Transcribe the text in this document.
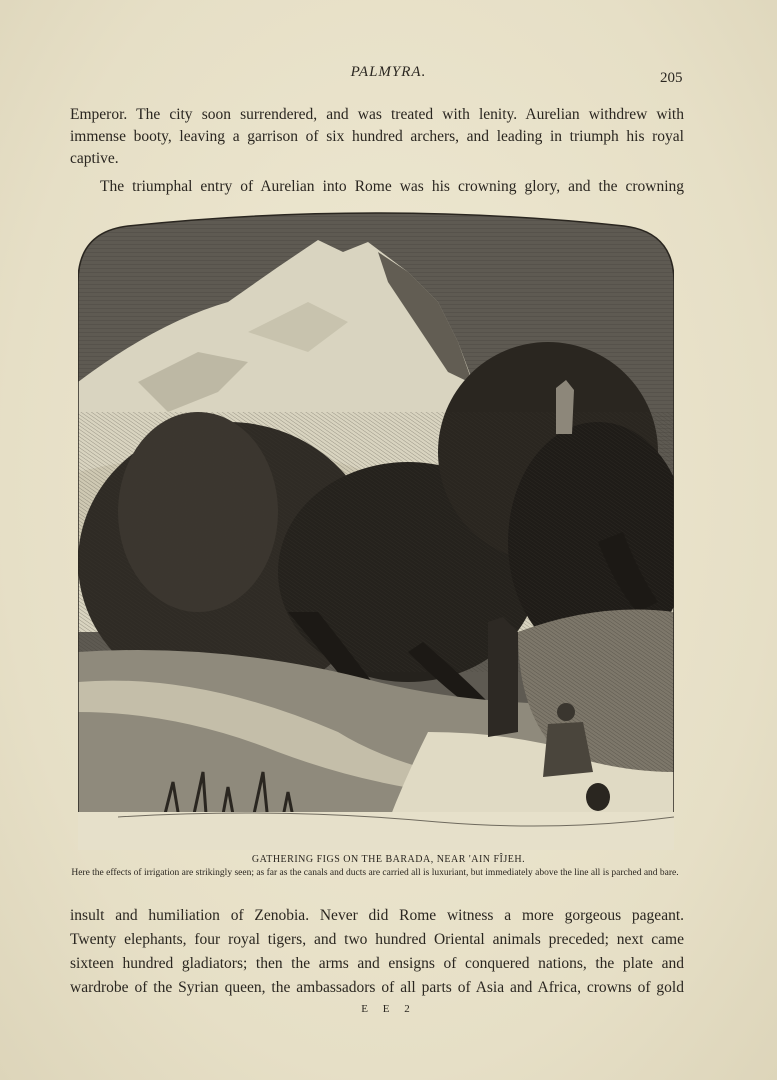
PALMYRA.	205
Emperor. The city soon surrendered, and was treated with lenity. Aurelian withdrew with
immense booty, leaving a garrison of six hundred archers, and leading in triumph his royal
captive.
The triumphal entry of Aurelian into Rome was his crowning glory, and the crowning
GATHERING FIGS ON THE BARADA, NEAR 'AIN FÎJEH.
Here the effects of irrigation are strikingly seen; as far as the canals and ducts are carried all is luxuriant, but immediately above the line all is parched and bare.
insult and humiliation of Zenobia. Never did Rome witness a more gorgeous pageant.
Twenty elephants, four royal tigers, and two hundred Oriental animals preceded; next came
sixteen hundred gladiators; then the arms and ensigns of conquered nations, the plate and
wardrobe of the Syrian queen, the ambassadors of all parts of Asia and Africa, crowns of gold
E E 2
